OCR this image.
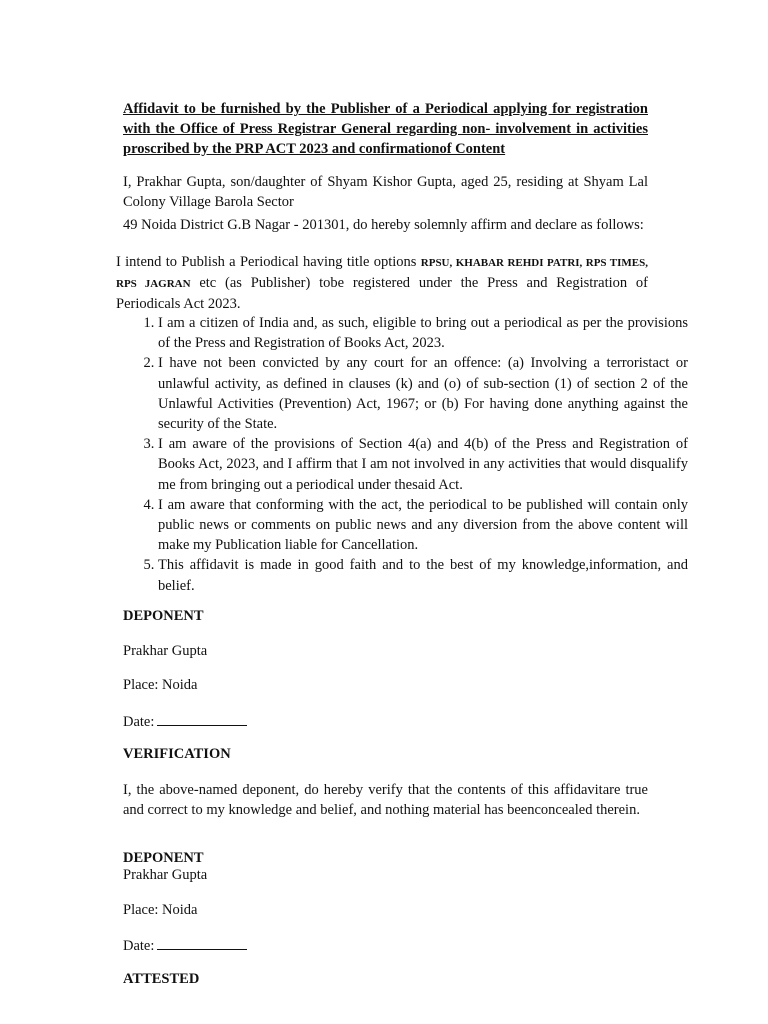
Affidavit to be furnished by the Publisher of a Periodical applying for registration with the Office of Press Registrar General regarding non- involvement in activities proscribed by the PRP ACT 2023 and confirmationof Content
I, Prakhar Gupta, son/daughter of Shyam Kishor Gupta, aged 25, residing at Shyam Lal Colony Village Barola Sector
49 Noida District G.B Nagar - 201301, do hereby solemnly affirm and declare as follows:
I intend to Publish a Periodical having title options RPSU, KHABAR REHDI PATRI, RPS TIMES, RPS JAGRAN etc (as Publisher) tobe registered under the Press and Registration of Periodicals Act 2023.
1. I am a citizen of India and, as such, eligible to bring out a periodical as per the provisions of the Press and Registration of Books Act, 2023.
2. I have not been convicted by any court for an offence: (a) Involving a terroristact or unlawful activity, as defined in clauses (k) and (o) of sub-section (1) of section 2 of the Unlawful Activities (Prevention) Act, 1967; or (b) For having done anything against the security of the State.
3. I am aware of the provisions of Section 4(a) and 4(b) of the Press and Registration of Books Act, 2023, and I affirm that I am not involved in any activities that would disqualify me from bringing out a periodical under thesaid Act.
4. I am aware that conforming with the act, the periodical to be published will contain only public news or comments on public news and any diversion from the above content will make my Publication liable for Cancellation.
5. This affidavit is made in good faith and to the best of my knowledge,information, and belief.
DEPONENT
Prakhar Gupta
Place: Noida
Date:
VERIFICATION
I, the above-named deponent, do hereby verify that the contents of this affidavitare true and correct to my knowledge and belief, and nothing material has beenconcealed therein.
DEPONENT
Prakhar Gupta
Place: Noida
Date:
ATTESTED
